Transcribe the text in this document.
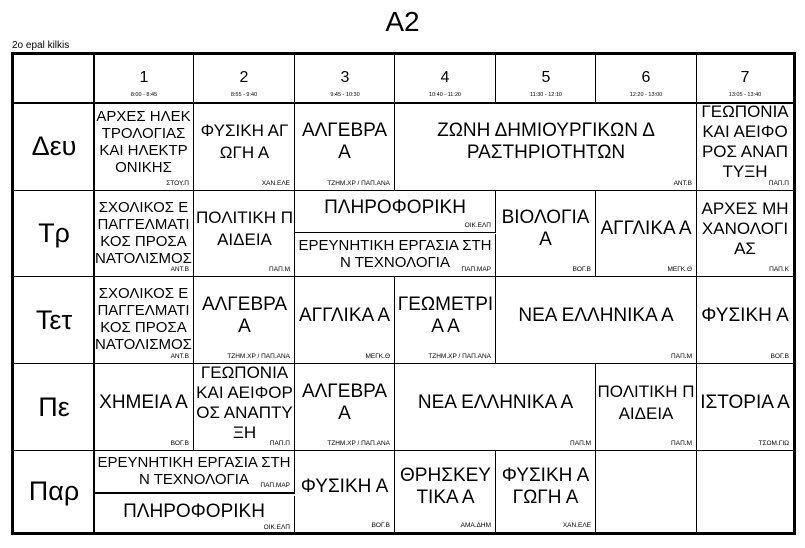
A2
2o epal kilkis
1
8:00 - 8:45
2
8:55 - 9:40
3
9:45 - 10:30
4
10:40 - 11:20
5
11:30 - 12:10
6
12:20 - 13:00
7
13:05 - 13:40
Δευ
Τρ
Τετ
Πε
Παρ
ΑΡΧΕΣ ΗΛΕΚΤΡΟΛΟΓΙΑΣ ΚΑΙ ΗΛΕΚΤΡΟΝΙΚΗΣ
ΣΤΟΥ.Π
ΦΥΣΙΚΗ ΑΓΩΓΗ Α
ΧΑΝ.ΕΛΕ
ΑΛΓΕΒΡΑ Α
ΤΖΗΜ.ΧΡ / ΠΑΠ.ΑΝΑ
ΖΩΝΗ ΔΗΜΙΟΥΡΓΙΚΩΝ ΔΡΑΣΤΗΡΙΟΤΗΤΩΝ
ΑΝΤ.Β
ΓΕΩΠΟΝΙΑ ΚΑΙ ΑΕΙΦΟΡΟΣ ΑΝΑΠΤΥΞΗ
ΠΑΠ.Π
ΣΧΟΛΙΚΟΣ ΕΠΑΓΓΕΛΜΑΤΙΚΟΣ ΠΡΟΣΑΝΑΤΟΛΙΣΜΟΣ
ΑΝΤ.Β
ΠΟΛΙΤΙΚΗ ΠΑΙΔΕΙΑ
ΠΑΠ.Μ
ΠΛΗΡΟΦΟΡΙΚΗ
ΟΙΚ.ΕΛΠ
ΕΡΕΥΝΗΤΙΚΗ ΕΡΓΑΣΙΑ ΣΤΗΝ ΤΕΧΝΟΛΟΓΙΑ	ΠΑΠ.ΜΑΡ
ΒΙΟΛΟΓΙΑ Α
ΒΟΓ.Β
ΑΓΓΛΙΚΑ Α
ΜΕΓΚ.Θ
ΑΡΧΕΣ ΜΗΧΑΝΟΛΟΓΙΑΣ
ΠΑΠ.Κ
ΣΧΟΛΙΚΟΣ ΕΠΑΓΓΕΛΜΑΤΙΚΟΣ ΠΡΟΣΑΝΑΤΟΛΙΣΜΟΣ
ΑΝΤ.Β
ΑΛΓΕΒΡΑ Α
ΤΖΗΜ.ΧΡ / ΠΑΠ.ΑΝΑ
ΑΓΓΛΙΚΑ Α
ΜΕΓΚ.Θ
ΓΕΩΜΕΤΡΙΑ Α
ΤΖΗΜ.ΧΡ / ΠΑΠ.ΑΝΑ
ΝΕΑ ΕΛΛΗΝΙΚΑ Α
ΠΑΠ.Μ
ΦΥΣΙΚΗ Α
ΒΟΓ.Β
ΧΗΜΕΙΑ Α
ΒΟΓ.Β
ΓΕΩΠΟΝΙΑ ΚΑΙ ΑΕΙΦΟΡΟΣ ΑΝΑΠΤΥΞΗ
ΠΑΠ.Π
ΑΛΓΕΒΡΑ Α
ΤΖΗΜ.ΧΡ / ΠΑΠ.ΑΝΑ
ΝΕΑ ΕΛΛΗΝΙΚΑ Α
ΠΑΠ.Μ
ΠΟΛΙΤΙΚΗ ΠΑΙΔΕΙΑ
ΠΑΠ.Μ
ΙΣΤΟΡΙΑ Α
ΤΣΟΜ.ΓΙΩ
ΕΡΕΥΝΗΤΙΚΗ ΕΡΓΑΣΙΑ ΣΤΗΝ ΤΕΧΝΟΛΟΓΙΑ	ΠΑΠ.ΜΑΡ
ΠΛΗΡΟΦΟΡΙΚΗ
ΟΙΚ.ΕΛΠ
ΦΥΣΙΚΗ Α
ΒΟΓ.Β
ΘΡΗΣΚΕΥΤΙΚΑ Α
ΑΜΑ.ΔΗΜ
ΦΥΣΙΚΗ ΑΓΩΓΗ Α
ΧΑΝ.ΕΛΕ
